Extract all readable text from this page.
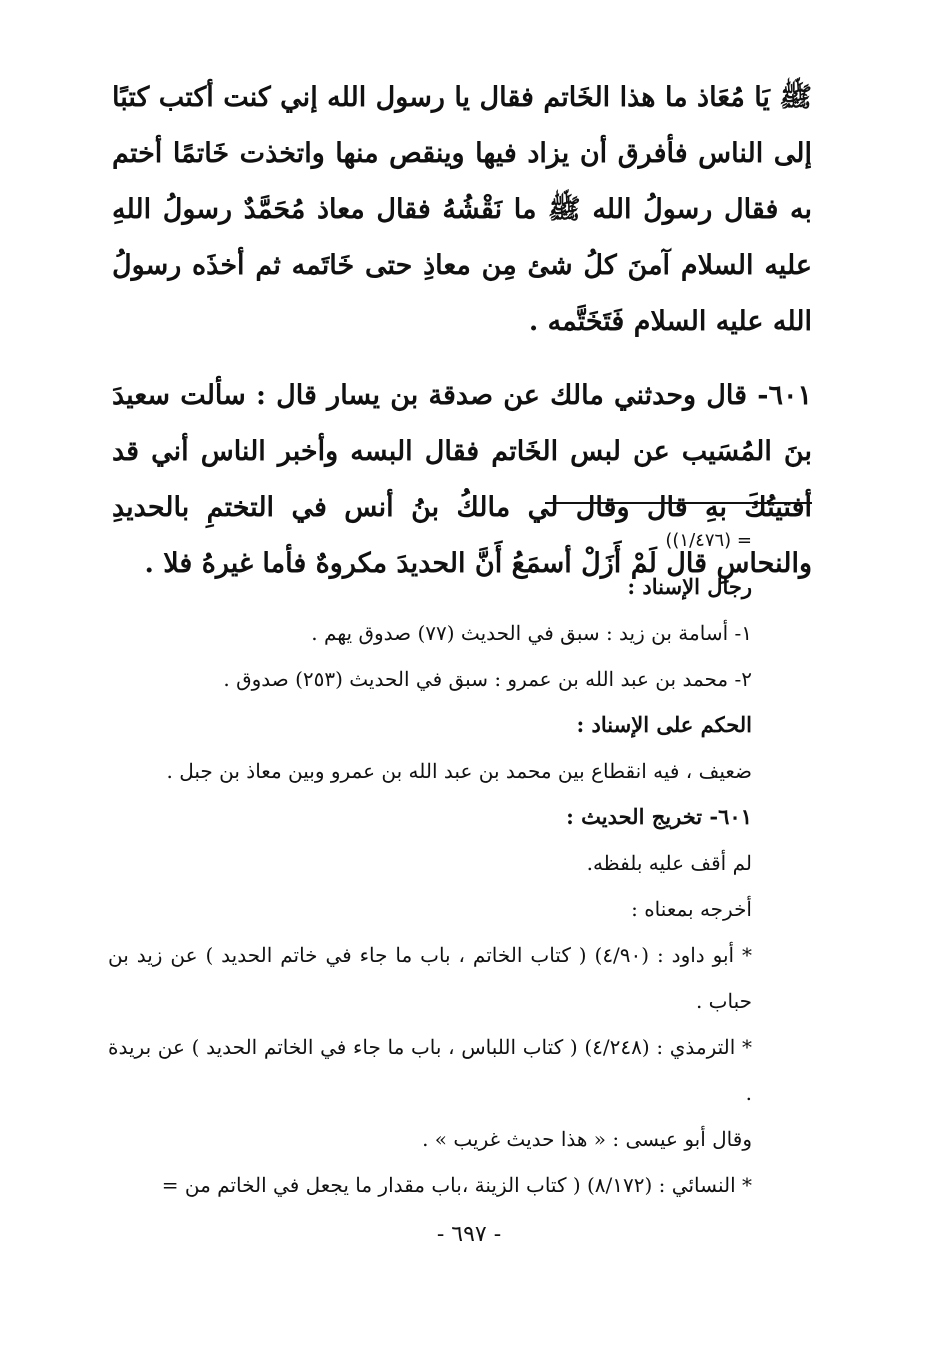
ﷺ يَا مُعَاذ ما هذا الخَاتم فقال يا رسول الله إني كنت أكتب كتبًا إلى الناس فأفرق أن يزاد فيها وينقص منها واتخذت خَاتمًا أختم به فقال رسولُ الله ﷺ ما نَقْشُهُ فقال معاذ مُحَمَّدٌ رسولُ اللهِ عليه السلام آمنَ كلُ شئ مِن معاذِ حتى خَاتَمه ثم أخذَه رسولُ الله عليه السلام فَتَخَتَّمه .

٦٠١- قال وحدثني مالك عن صدقة بن يسار قال : سألت سعيدَ بنَ المُسَيب عن لبس الخَاتم فقال البسه وأخبر الناس أني قد أفتيتُكَ بهِ قال وقال لي مالكُ بنُ أنس في التختمِ بالحديدِ والنحاسِ قال لَمْ أَزَلْ أسمَعُ أَنَّ الحديدَ مكروهٌ فأما غيرهُ فلا .

= (١/٤٧٦))

رجال الإسناد :

١- أسامة بن زيد : سبق في الحديث (٧٧) صدوق يهم .

٢- محمد بن عبد الله بن عمرو : سبق في الحديث (٢٥٣) صدوق .

الحكم على الإسناد :

ضعيف ، فيه انقطاع بين محمد بن عبد الله بن عمرو وبين معاذ بن جبل .

٦٠١- تخريج الحديث :

لم أقف عليه بلفظه.

أخرجه بمعناه :

* أبو داود : (٤/٩٠) ( كتاب الخاتم ، باب ما جاء في خاتم الحديد ) عن زيد بن حباب .

* الترمذي : (٤/٢٤٨) ( كتاب اللباس ، باب ما جاء في الخاتم الحديد ) عن بريدة .

وقال أبو عيسى : « هذا حديث غريب » .

* النسائي : (٨/١٧٢) ( كتاب الزينة ،باب مقدار ما يجعل في الخاتم من =

- ٦٩٧ -
